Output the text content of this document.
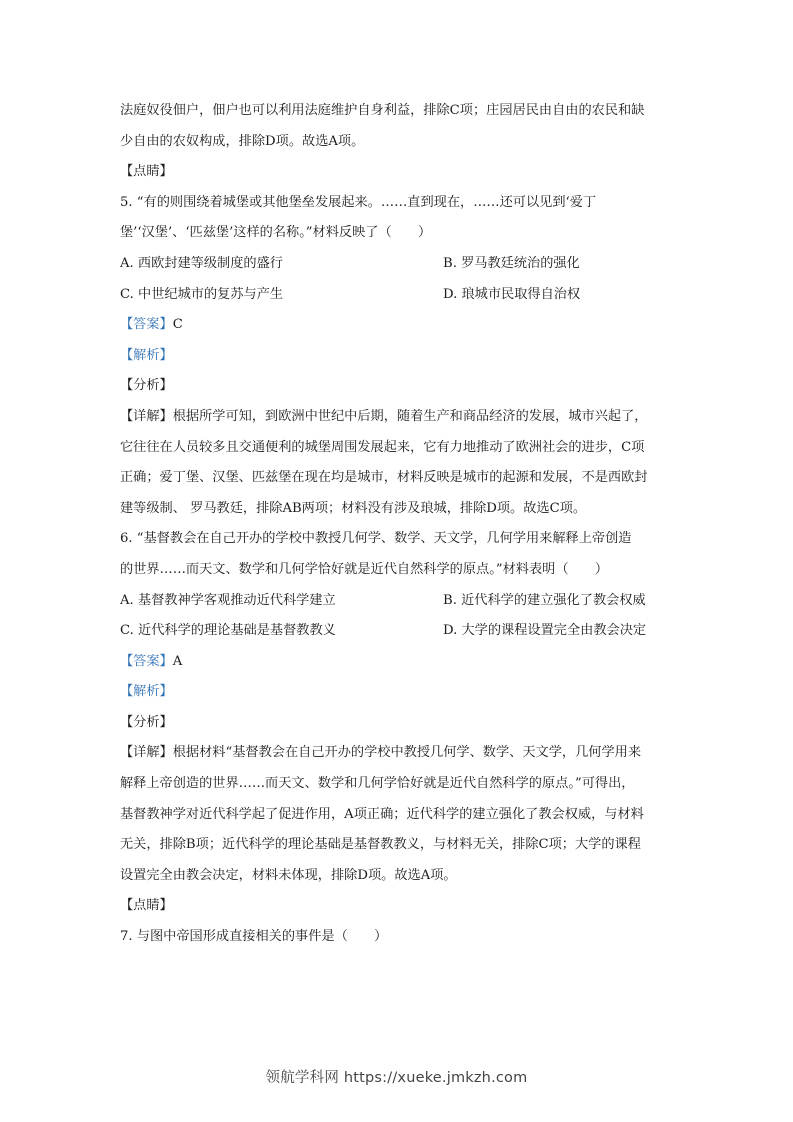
法庭奴役佃户，佃户也可以利用法庭维护自身利益，排除C项；庄园居民由自由的农民和缺

少自由的农奴构成，排除D项。故选A项。

【点睛】

5. “有的则围绕着城堡或其他堡垒发展起来。……直到现在，……还可以见到‘爱丁

堡’‘汉堡’、‘匹兹堡’这样的名称。”材料反映了（　　）

A. 西欧封建等级制度的盛行	B. 罗马教廷统治的强化
C. 中世纪城市的复苏与产生	D. 琅城市民取得自治权

【答案】C

【解析】

【分析】

【详解】根据所学可知，到欧洲中世纪中后期，随着生产和商品经济的发展，城市兴起了，

它往往在人员较多且交通便利的城堡周围发展起来，它有力地推动了欧洲社会的进步，C项

正确；爱丁堡、汉堡、匹兹堡在现在均是城市，材料反映是城市的起源和发展，不是西欧封

建等级制、 罗马教廷，排除AB两项；材料没有涉及琅城，排除D项。故选C项。

6. “基督教会在自己开办的学校中教授几何学、数学、天文学，几何学用来解释上帝创造

的世界……而天文、数学和几何学恰好就是近代自然科学的原点。”材料表明（　　）

A. 基督教神学客观推动近代科学建立	B. 近代科学的建立强化了教会权威
C. 近代科学的理论基础是基督教教义	D. 大学的课程设置完全由教会决定

【答案】A

【解析】

【分析】

【详解】根据材料“基督教会在自己开办的学校中教授几何学、数学、天文学，几何学用来

解释上帝创造的世界……而天文、数学和几何学恰好就是近代自然科学的原点。”可得出，

基督教神学对近代科学起了促进作用，A项正确；近代科学的建立强化了教会权威，与材料

无关，排除B项；近代科学的理论基础是基督教教义，与材料无关，排除C项；大学的课程

设置完全由教会决定，材料未体现，排除D项。故选A项。

【点睛】

7. 与图中帝国形成直接相关的事件是（　　）

领航学科网 https://xueke.jmkzh.com
